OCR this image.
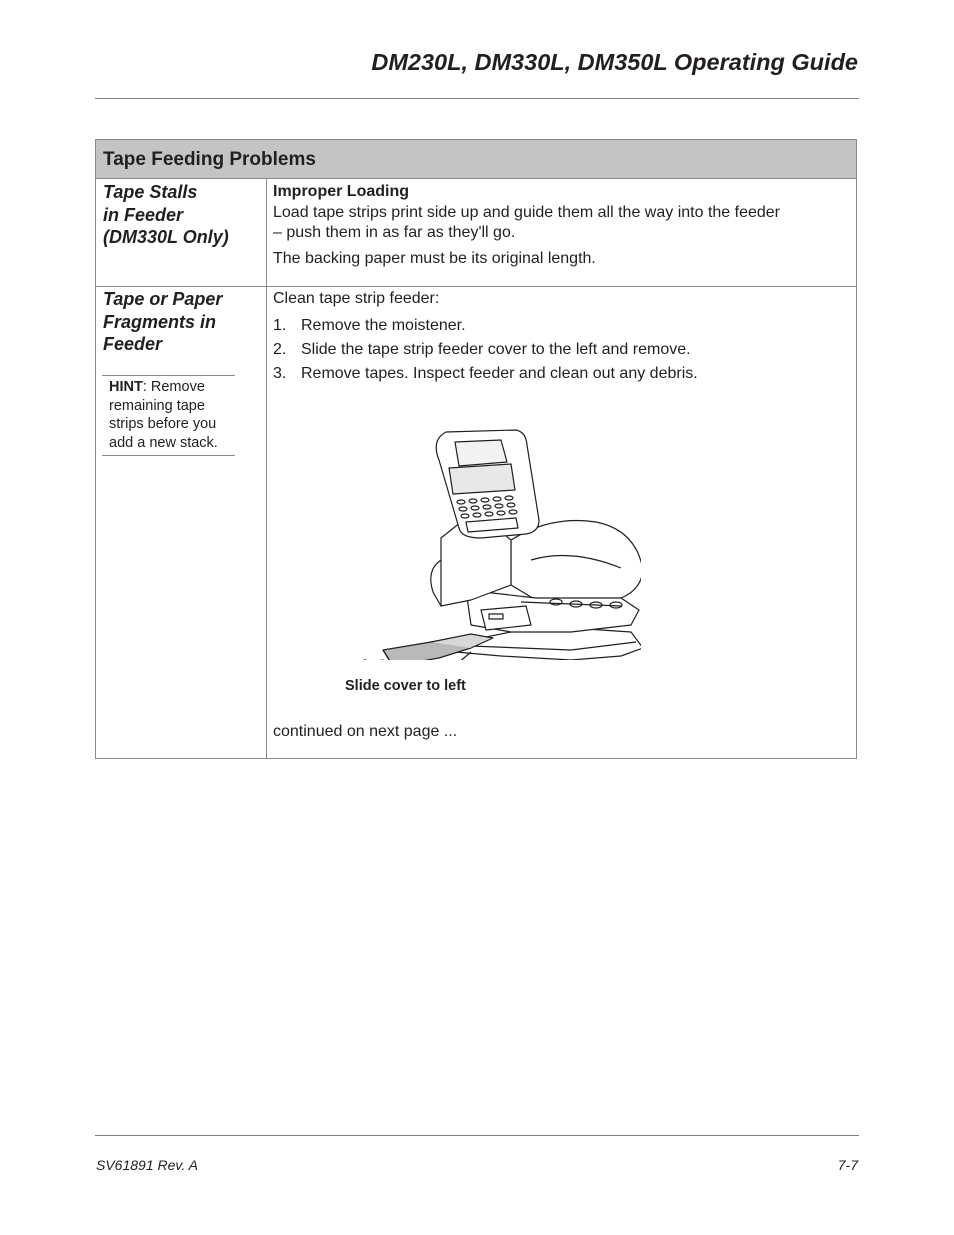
DM230L, DM330L, DM350L Operating Guide
Tape Feeding Problems
Tape Stalls
in Feeder
(DM330L Only)
Improper Loading
Load tape strips print side up and guide them all the way into the feeder
– push them in as far as they'll go.
The backing paper must be its original length.
Tape or Paper
Fragments in
Feeder
HINT: Remove
remaining tape
strips before you
add a new stack.
Clean tape strip feeder:
1. Remove the moistener.
2. Slide the tape strip feeder cover to the left and remove.
3. Remove tapes. Inspect feeder and clean out any debris.
Slide cover to left
continued on next page ...
SV61891 Rev. A	7-7
